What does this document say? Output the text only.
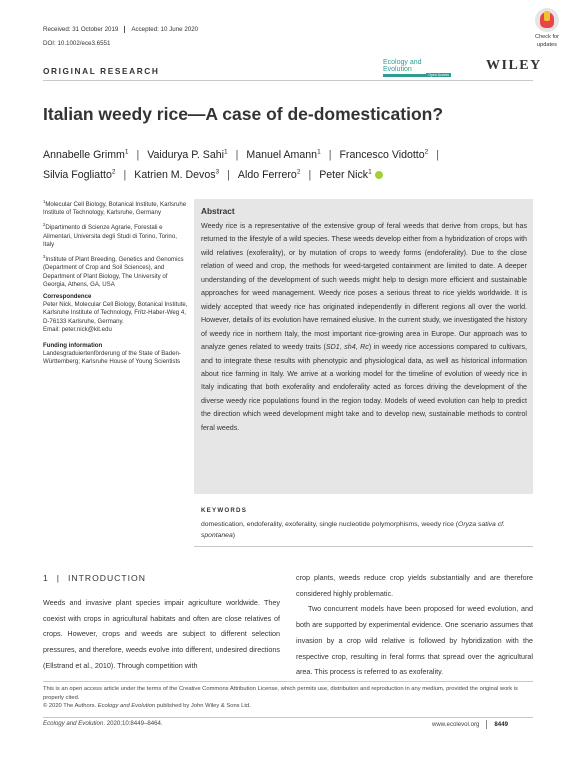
Received: 31 October 2019 Accepted: 10 June 2020
DOI: 10.1002/ece3.6551
Check for
updates
ORIGINAL RESEARCH
Ecology and Evolution
Open Access
WILEY
Italian weedy rice—A case of de-domestication?
Annabelle Grimm$^1$ | Vaidurya P. Sahi$^1$ | Manuel Amann$^1$ | Francesco Vidotto$^2$ |
Silvia Fogliatto$^2$ | Katrien M. Devos$^3$ | Aldo Ferrero$^2$ | Peter Nick$^1$
$^1$Molecular Cell Biology, Botanical Institute, Karlsruhe Institute of Technology, Karlsruhe, Germany
$^2$Dipartimento di Scienze Agrarie, Forestali e Alimentari, Universita degli Studi di Torino, Torino, Italy
$^3$Institute of Plant Breeding, Genetics and Genomics (Department of Crop and Soil Sciences), and Department of Plant Biology, The University of Georgia, Athens, GA, USA
Correspondence
Peter Nick, Molecular Cell Biology, Botanical Institute, Karlsruhe Institute of Technology, Fritz-Haber-Weg 4, D-76133 Karlsruhe, Germany.
Email: peter.nick@kit.edu
Funding information
Landesgraduiertenförderung of the State of Baden-Württemberg; Karlsruhe House of Young Scientists
Abstract
Weedy rice is a representative of the extensive group of feral weeds that derive from crops, but has returned to the lifestyle of a wild species. These weeds develop either from a hybridization of crops with wild relatives (exoferality), or by mutation of crops to weedy forms (endoferality). Due to the close relation of weed and crop, the methods for weed-targeted containment are limited to date. A deeper understanding of the development of such weeds might help to design more efficient and sustainable approaches for weed management. Weedy rice poses a serious threat to rice yields worldwide. It is widely accepted that weedy rice has originated independently in different regions all over the world. However, details of its evolution have remained elusive. In the current study, we investigated the history of weedy rice in northern Italy, the most important rice-growing area in Europe. Our approach was to analyze genes related to weedy traits (SD1, sh4, Rc) in weedy rice accessions compared to cultivars, and to integrate these results with phenotypic and physiological data, as well as historical information about rice farming in Italy. We arrive at a working model for the timeline of evolution of weedy rice in Italy indicating that both exoferality and endoferality acted as forces driving the development of the diverse weedy rice populations found in the region today. Models of weed evolution can help to predict the direction which weed development might take and to develop new, sustainable methods to control feral weeds.
KEYWORDS
domestication, endoferality, exoferality, single nucleotide polymorphisms, weedy rice (Oryza sativa cf. spontanea)
1 | INTRODUCTION
Weeds and invasive plant species impair agriculture worldwide. They coexist with crops in agricultural habitats and often are close relatives of crops. However, crops and weeds are subject to different selection pressures, and therefore, weeds evolve into different, undesired directions (Ellstrand et al., 2010). Through competition with

crop plants, weeds reduce crop yields substantially and are therefore considered highly problematic.

Two concurrent models have been proposed for weed evolution, and both are supported by experimental evidence. One scenario assumes that invasion by a crop wild relative is followed by hybridization with the respective crop, resulting in feral forms that spread over the agricultural area. This process is referred to as exoferality.

This is an open access article under the terms of the Creative Commons Attribution License, which permits use, distribution and reproduction in any medium, provided the original work is properly cited.
© 2020 The Authors. Ecology and Evolution published by John Wiley & Sons Ltd.
Ecology and Evolution. 2020;10:8449–8464.	www.ecolevol.org 8449
